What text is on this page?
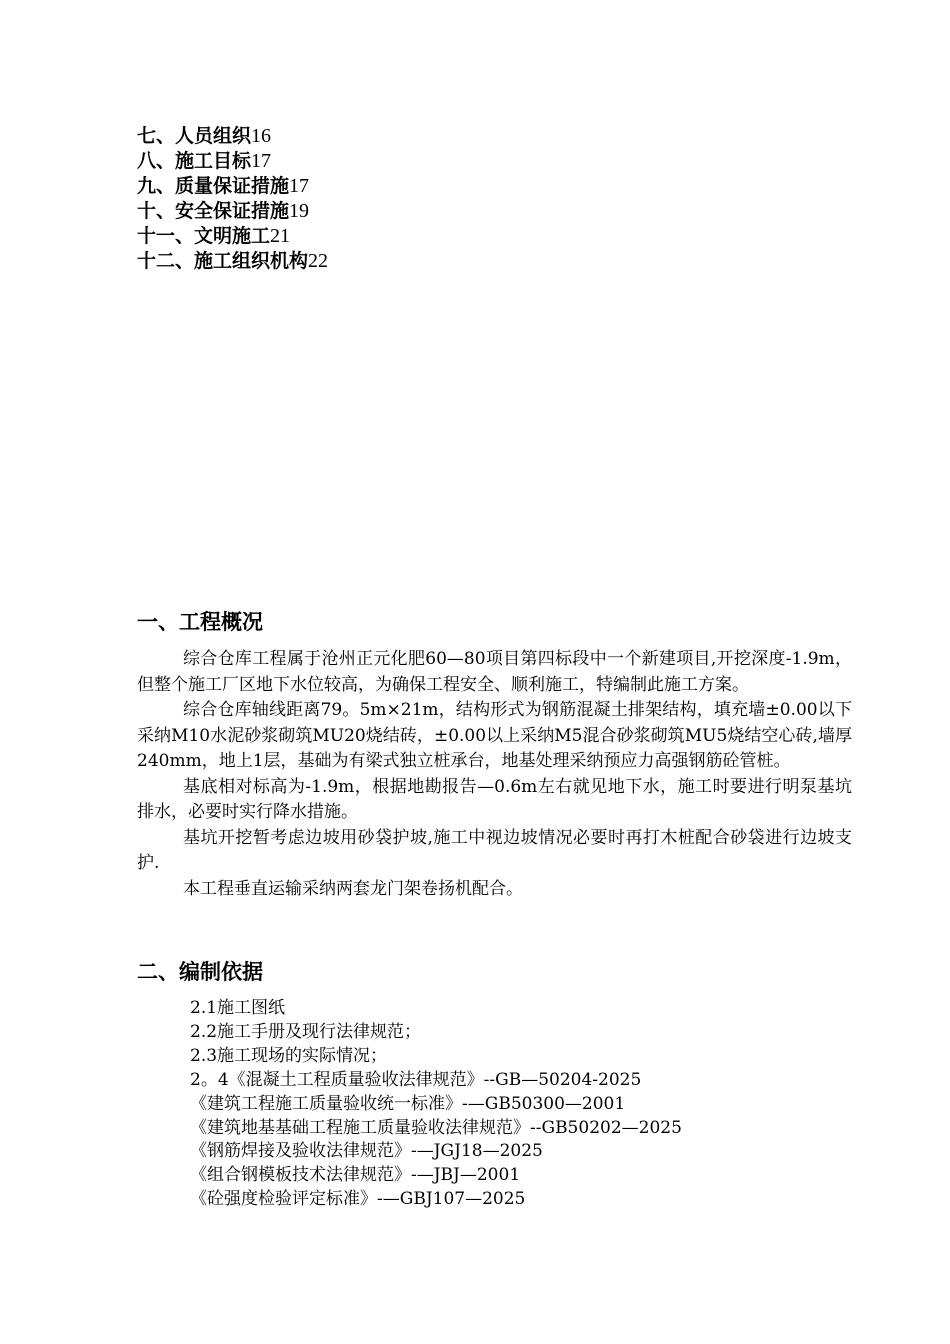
七、人员组织16
八、施工目标17
九、质量保证措施17
十、安全保证措施19
十一、文明施工21
十二、施工组织机构22
一、工程概况

综合仓库工程属于沧州正元化肥60—80项目第四标段中一个新建项目,开挖深度-1.9m，但整个施工厂区地下水位较高，为确保工程安全、顺利施工，特编制此施工方案。

综合仓库轴线距离79。5m×21m，结构形式为钢筋混凝土排架结构，填充墙±0.00以下采纳M10水泥砂浆砌筑MU20烧结砖，±0.00以上采纳M5混合砂浆砌筑MU5烧结空心砖,墙厚240mm，地上1层，基础为有梁式独立桩承台，地基处理采纳预应力高强钢筋砼管桩。

基底相对标高为-1.9m，根据地勘报告—0.6m左右就见地下水，施工时要进行明泵基坑排水，必要时实行降水措施。

基坑开挖暂考虑边坡用砂袋护坡,施工中视边坡情况必要时再打木桩配合砂袋进行边坡支护.

本工程垂直运输采纳两套龙门架卷扬机配合。

二、编制依据
2.1施工图纸
2.2施工手册及现行法律规范；
2.3施工现场的实际情况；
2。4《混凝土工程质量验收法律规范》--GB—50204-2025
《建筑工程施工质量验收统一标准》-—GB50300—2001
《建筑地基基础工程施工质量验收法律规范》--GB50202—2025
《钢筋焊接及验收法律规范》-—JGJ18—2025
《组合钢模板技术法律规范》-—JBJ—2001
《砼强度检验评定标准》-—GBJ107—2025
